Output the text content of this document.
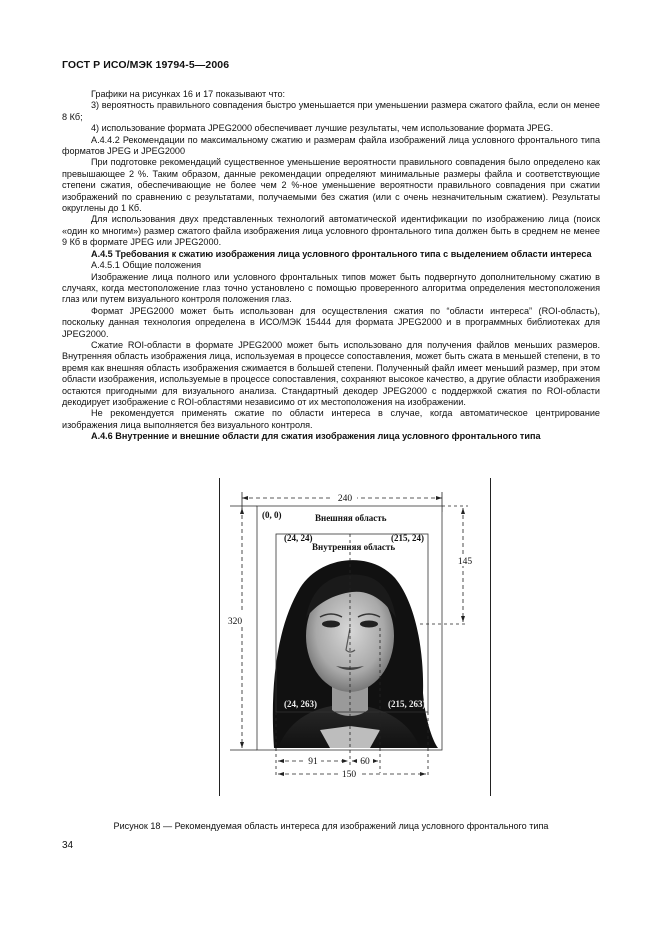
ГОСТ Р ИСО/МЭК 19794-5—2006

Графики на рисунках 16 и 17 показывают что:

3) вероятность правильного совпадения быстро уменьшается при уменьшении размера сжатого файла, если он менее 8 Кб;

4) использование формата JPEG2000 обеспечивает лучшие результаты, чем использование формата JPEG.

А.4.4.2 Рекомендации по максимальному сжатию и размерам файла изображений лица условного фронтального типа форматов JPEG и JPEG2000

При подготовке рекомендаций существенное уменьшение вероятности правильного совпадения было определено как превышающее 2 %. Таким образом, данные рекомендации определяют минимальные размеры файла и соответствующие степени сжатия, обеспечивающие не более чем 2 %-ное уменьшение вероятности правильного совпадения при сжатии изображений по сравнению с результатами, получаемыми без сжатия (или с очень незначительным сжатием). Результаты округлены до 1 Кб.

Для использования двух представленных технологий автоматической идентификации по изображению лица (поиск «один ко многим») размер сжатого файла изображения лица условного фронтального типа должен быть в среднем не менее 9 Кб в формате JPEG или JPEG2000.

А.4.5 Требования к сжатию изображения лица условного фронтального типа с выделением области интереса

А.4.5.1 Общие положения

Изображение лица полного или условного фронтальных типов может быть подвергнуто дополнительному сжатию в случаях, когда местоположение глаз точно установлено с помощью проверенного алгоритма определения местоположения глаз или путем визуального контроля положения глаз.

Формат JPEG2000 может быть использован для осуществления сжатия по “области интереса” (ROI-область), поскольку данная технология определена в ИСО/МЭК 15444 для формата JPEG2000 и в программных библиотеках для JPEG2000.

Сжатие ROI-области в формате JPEG2000 может быть использовано для получения файлов меньших размеров. Внутренняя область изображения лица, используемая в процессе сопоставления, может быть сжата в меньшей степени, в то время как внешняя область изображения сжимается в большей степени. Полученный файл имеет меньший размер, при этом области изображения, используемые в процессе сопоставления, сохраняют высокое качество, а другие области изображения остаются пригодными для визуального анализа. Стандартный декодер JPEG2000 с поддержкой сжатия по ROI-области декодирует изображение с ROI-областями независимо от их местоположения на изображении.

Не рекомендуется применять сжатие по области интереса в случае, когда автоматическое центрирование изображения лица выполняется без визуального контроля.

А.4.6 Внутренние и внешние области для сжатия изображения лица условного фронтального типа

240
320
145
91	60
150
(0, 0)	Внешняя область
(24, 24)	(215, 24)
Внутренняя область
(24, 263)	(215, 263)
Рисунок 18 — Рекомендуемая область интереса для изображений лица условного фронтального типа
34
